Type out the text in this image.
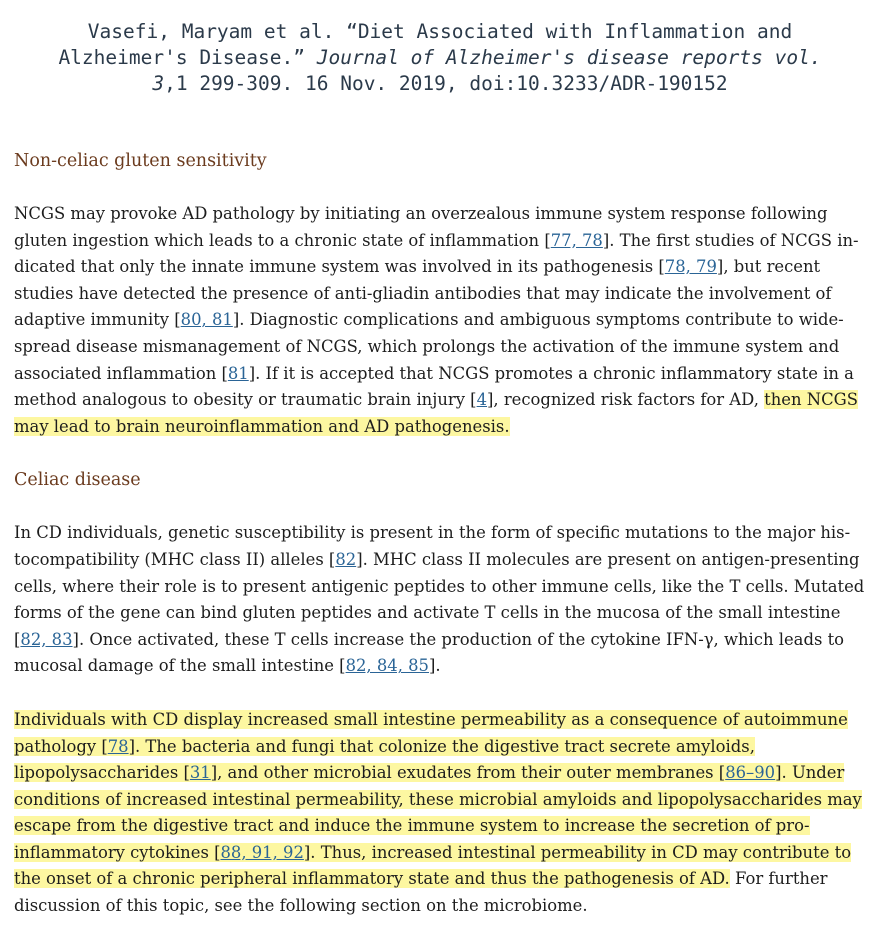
Vasefi, Maryam et al. “Diet Associated with Inflammation and Alzheimer's Disease.” Journal of Alzheimer's disease reports vol. 3,1 299-309. 16 Nov. 2019, doi:10.3233/ADR-190152
Non-celiac gluten sensitivity

NCGS may provoke AD pathology by initiating an overzealous immune system response following gluten ingestion which leads to a chronic state of inflammation [77, 78]. The first studies of NCGS indicated that only the innate immune system was involved in its pathogenesis [78, 79], but recent studies have detected the presence of anti-gliadin antibodies that may indicate the involvement of adaptive immunity [80, 81]. Diagnostic complications and ambiguous symptoms contribute to widespread disease mismanagement of NCGS, which prolongs the activation of the immune system and associated inflammation [81]. If it is accepted that NCGS promotes a chronic inflammatory state in a method analogous to obesity or traumatic brain injury [4], recognized risk factors for AD, then NCGS may lead to brain neuroinflammation and AD pathogenesis.

Celiac disease

In CD individuals, genetic susceptibility is present in the form of specific mutations to the major histocompatibility (MHC class II) alleles [82]. MHC class II molecules are present on antigen-presenting cells, where their role is to present antigenic peptides to other immune cells, like the T cells. Mutated forms of the gene can bind gluten peptides and activate T cells in the mucosa of the small intestine [82, 83]. Once activated, these T cells increase the production of the cytokine IFN-γ, which leads to mucosal damage of the small intestine [82, 84, 85].

Individuals with CD display increased small intestine permeability as a consequence of autoimmune pathology [78]. The bacteria and fungi that colonize the digestive tract secrete amyloids, lipopolysaccharides [31], and other microbial exudates from their outer membranes [86–90]. Under conditions of increased intestinal permeability, these microbial amyloids and lipopolysaccharides may escape from the digestive tract and induce the immune system to increase the secretion of proinflammatory cytokines [88, 91, 92]. Thus, increased intestinal permeability in CD may contribute to the onset of a chronic peripheral inflammatory state and thus the pathogenesis of AD. For further discussion of this topic, see the following section on the microbiome.
